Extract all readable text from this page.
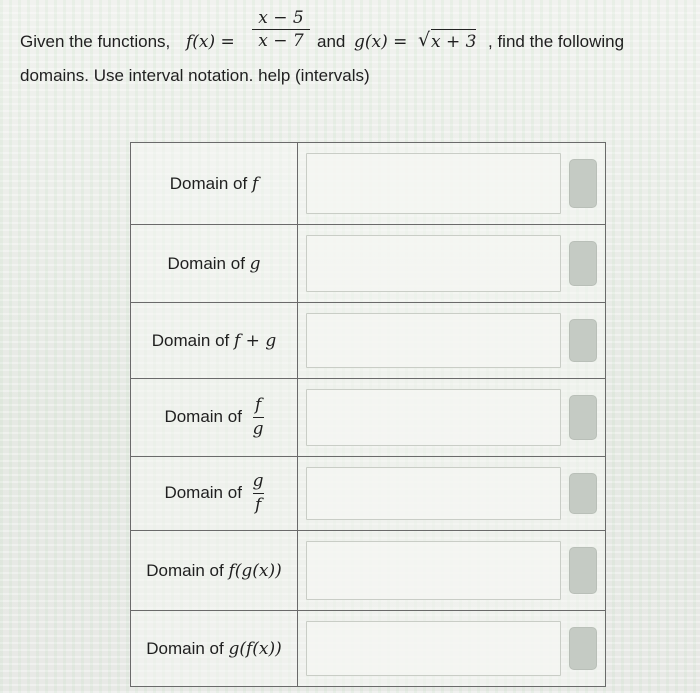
Given the functions, f(x) =
x − 5
x − 7 and g(x) = √ x + 3 , find the following
domains. Use interval notation. help (intervals)
Domain of f	

Domain of g	

Domain of f + g	

Domain of $\frac{f}{g}$

Domain of $\frac{g}{f}$

Domain of f(g(x))	

Domain of g(f(x))	
